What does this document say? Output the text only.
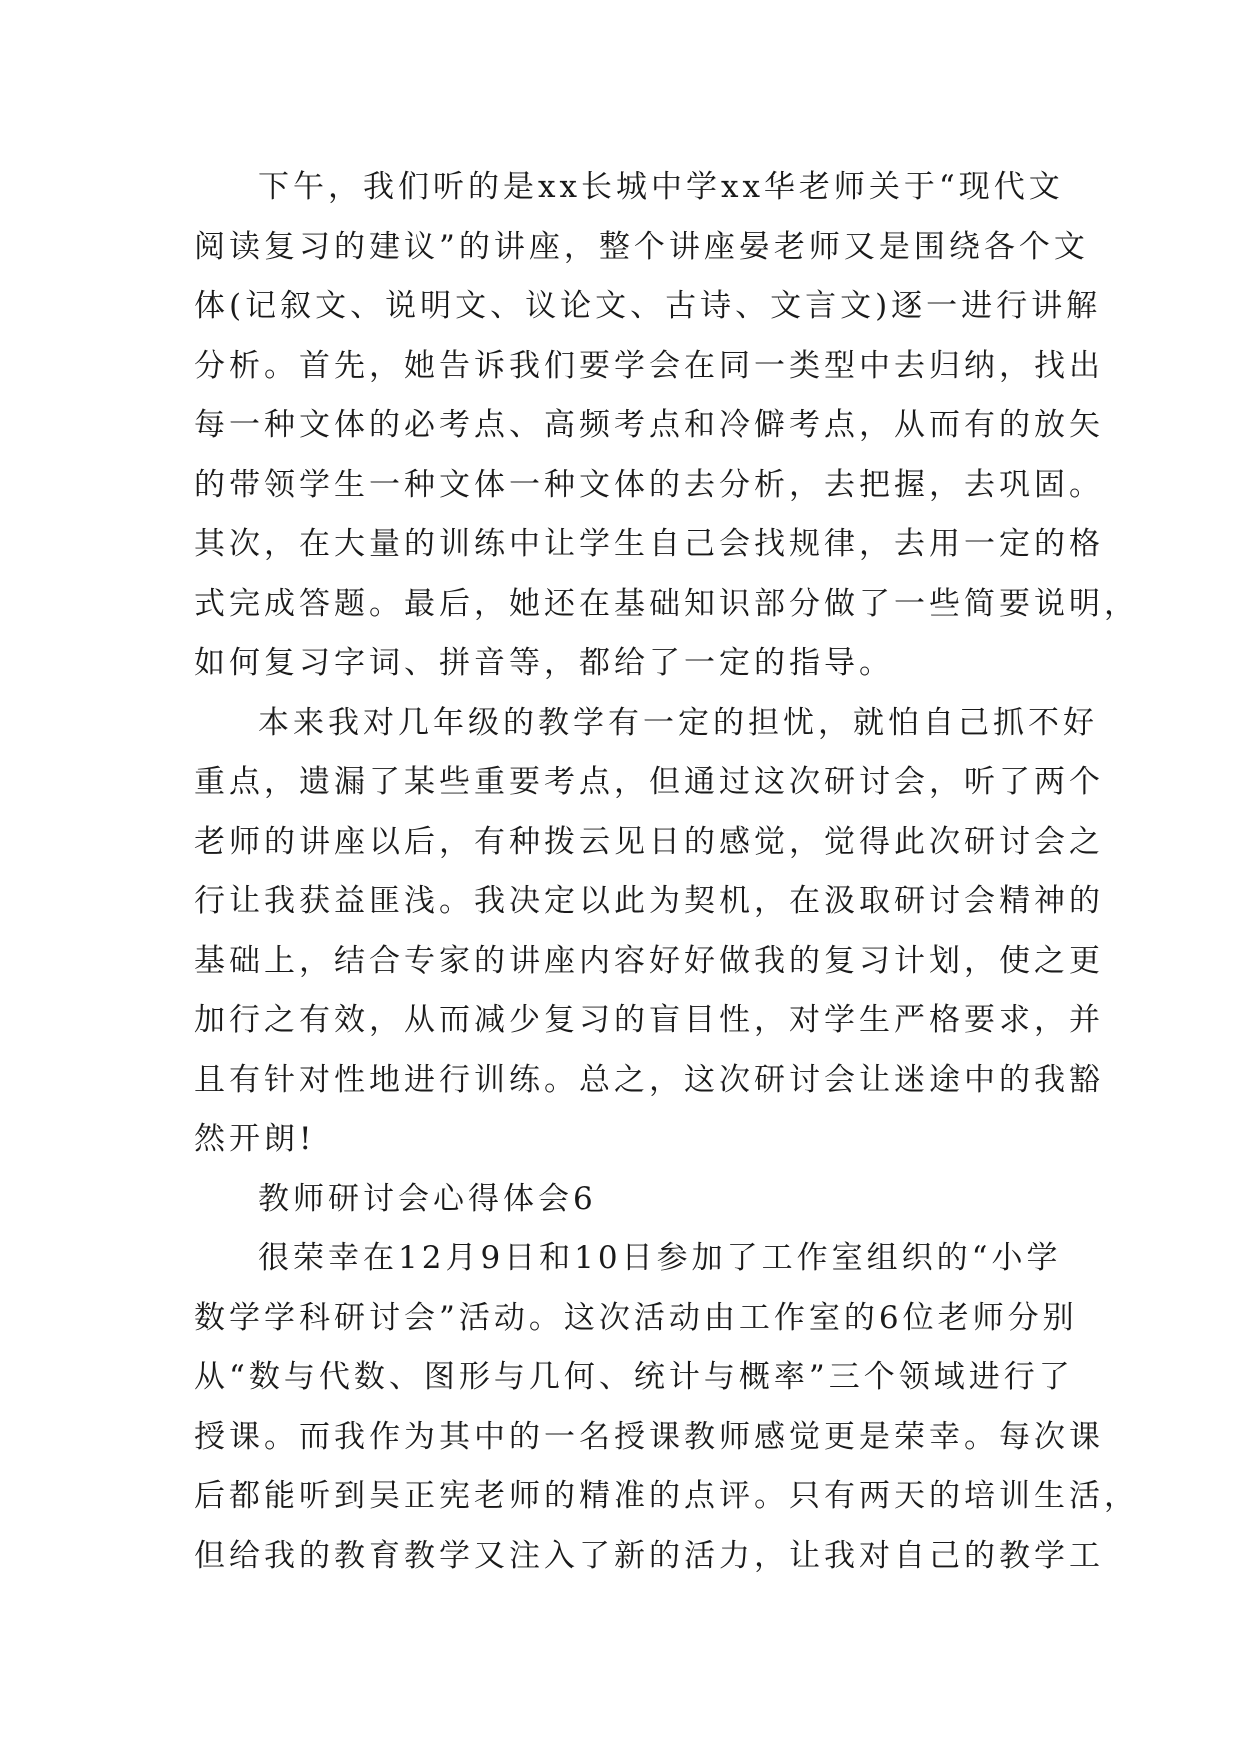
下午，我们听的是xx长城中学xx华老师关于“现代文
阅读复习的建议”的讲座，整个讲座晏老师又是围绕各个文
体(记叙文、说明文、议论文、古诗、文言文)逐一进行讲解
分析。首先，她告诉我们要学会在同一类型中去归纳，找出
每一种文体的必考点、高频考点和冷僻考点，从而有的放矢
的带领学生一种文体一种文体的去分析，去把握，去巩固。
其次，在大量的训练中让学生自己会找规律，去用一定的格
式完成答题。最后，她还在基础知识部分做了一些简要说明，
如何复习字词、拼音等，都给了一定的指导。
本来我对几年级的教学有一定的担忧，就怕自己抓不好
重点，遗漏了某些重要考点，但通过这次研讨会，听了两个
老师的讲座以后，有种拨云见日的感觉，觉得此次研讨会之
行让我获益匪浅。我决定以此为契机，在汲取研讨会精神的
基础上，结合专家的讲座内容好好做我的复习计划，使之更
加行之有效，从而减少复习的盲目性，对学生严格要求，并
且有针对性地进行训练。总之，这次研讨会让迷途中的我豁
然开朗!
教师研讨会心得体会6
很荣幸在12月9日和10日参加了工作室组织的“小学
数学学科研讨会”活动。这次活动由工作室的6位老师分别
从“数与代数、图形与几何、统计与概率”三个领域进行了
授课。而我作为其中的一名授课教师感觉更是荣幸。每次课
后都能听到吴正宪老师的精准的点评。只有两天的培训生活，
但给我的教育教学又注入了新的活力，让我对自己的教学工
